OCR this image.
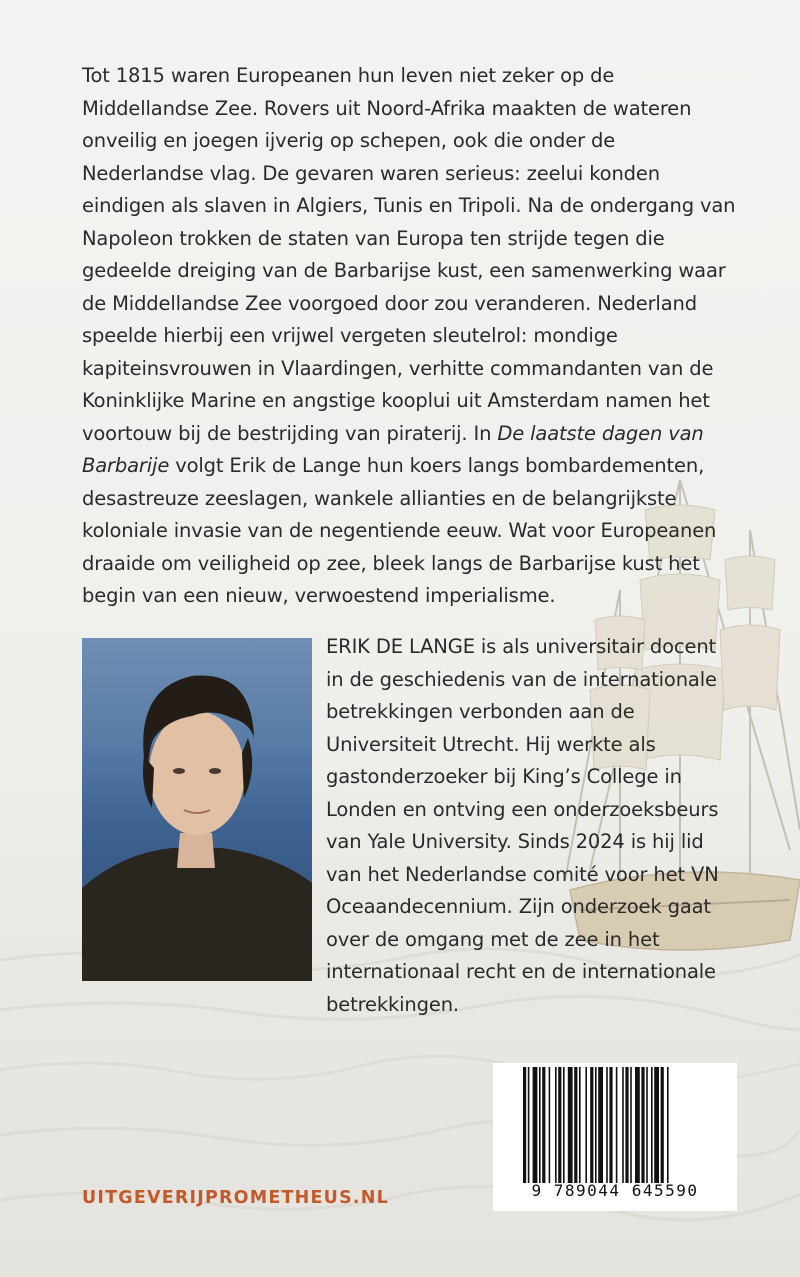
Tot 1815 waren Europeanen hun leven niet zeker op de Middellandse Zee. Rovers uit Noord-Afrika maakten de wateren onveilig en joegen ijverig op schepen, ook die onder de Nederlandse vlag. De gevaren waren serieus: zeelui konden eindigen als slaven in Algiers, Tunis en Tripoli. Na de ondergang van Napoleon trokken de staten van Europa ten strijde tegen die gedeelde dreiging van de Barbarijse kust, een samenwerking waar de Middellandse Zee voorgoed door zou veranderen. Nederland speelde hierbij een vrijwel vergeten sleutelrol: mondige kapiteinsvrouwen in Vlaardingen, verhitte commandanten van de Koninklijke Marine en angstige kooplui uit Amsterdam namen het voortouw bij de bestrijding van piraterij. In De laatste dagen van Barbarije volgt Erik de Lange hun koers langs bombardementen, desastreuze zeeslagen, wankele allianties en de belangrijkste koloniale invasie van de negentiende eeuw. Wat voor Europeanen draaide om veiligheid op zee, bleek langs de Barbarijse kust het begin van een nieuw, verwoestend imperialisme.

ERIK DE LANGE is als universitair docent in de geschiedenis van de internationale betrekkingen verbonden aan de Universiteit Utrecht. Hij werkte als gastonderzoeker bij King’s College in Londen en ontving een onderzoeksbeurs van Yale University. Sinds 2024 is hij lid van het Nederlandse comité voor het VN Oceaandecennium. Zijn onderzoek gaat over de omgang met de zee in het internationaal recht en de internationale betrekkingen.

9 789044 645590
UITGEVERIJPROMETHEUS.NL
